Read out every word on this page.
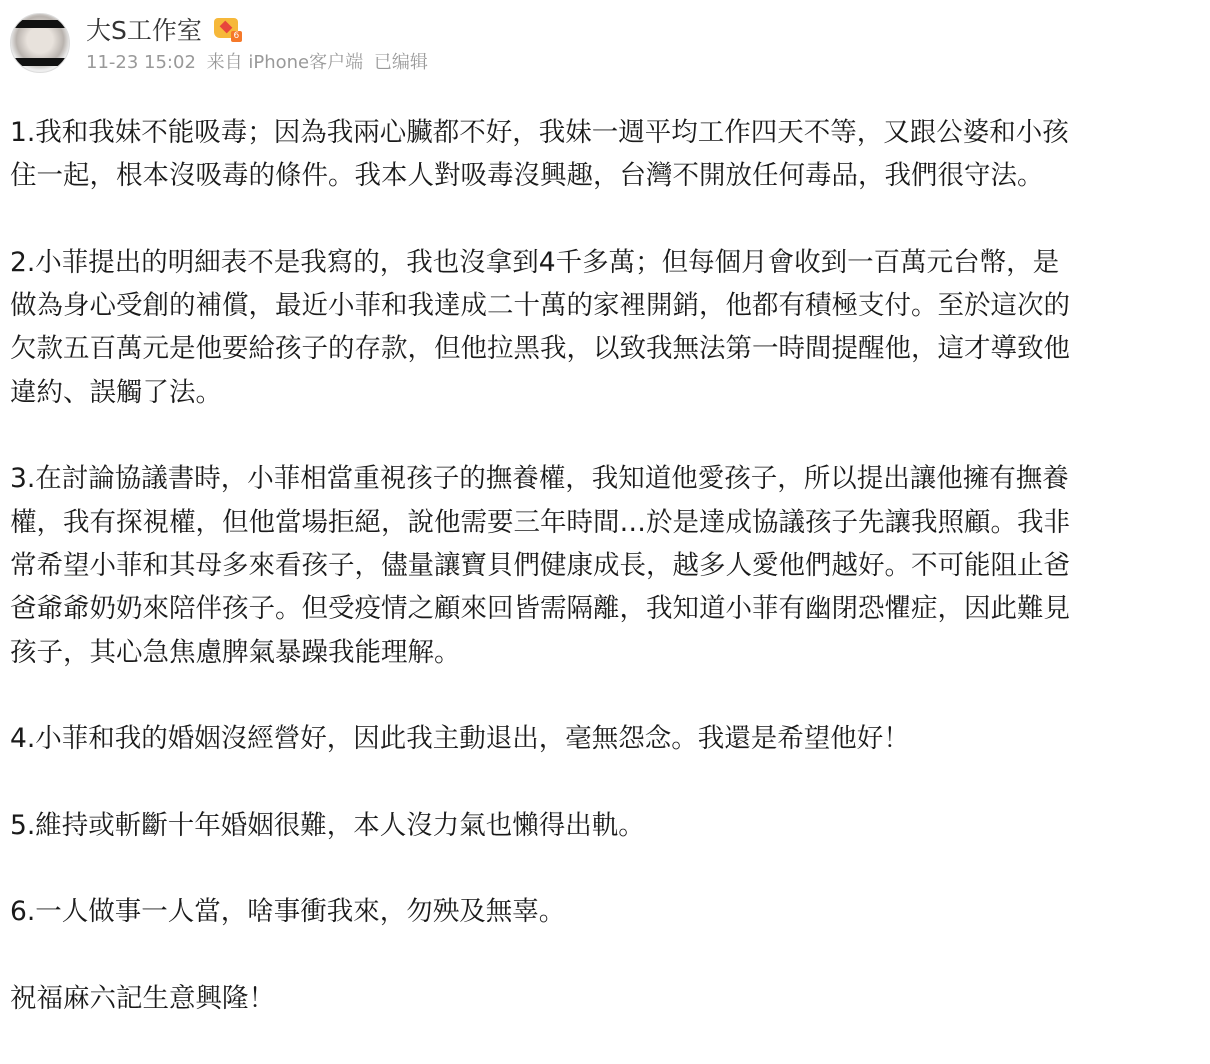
大S工作室	6
11-23 15:02 来自 iPhone客户端 已编辑
1.我和我妹不能吸毒；因為我兩心臟都不好，我妹一週平均工作四天不等，又跟公婆和小孩
住一起，根本沒吸毒的條件。我本人對吸毒沒興趣，台灣不開放任何毒品，我們很守法。
2.小菲提出的明細表不是我寫的，我也沒拿到4千多萬；但每個月會收到一百萬元台幣，是
做為身心受創的補償，最近小菲和我達成二十萬的家裡開銷，他都有積極支付。至於這次的
欠款五百萬元是他要給孩子的存款，但他拉黑我，以致我無法第一時間提醒他，這才導致他
違約、誤觸了法。
3.在討論協議書時，小菲相當重視孩子的撫養權，我知道他愛孩子，所以提出讓他擁有撫養
權，我有探視權，但他當場拒絕，說他需要三年時間…於是達成協議孩子先讓我照顧。我非
常希望小菲和其母多來看孩子，儘量讓寶貝們健康成長，越多人愛他們越好。不可能阻止爸
爸爺爺奶奶來陪伴孩子。但受疫情之顧來回皆需隔離，我知道小菲有幽閉恐懼症，因此難見
孩子，其心急焦慮脾氣暴躁我能理解。
4.小菲和我的婚姻沒經營好，因此我主動退出，毫無怨念。我還是希望他好！
5.維持或斬斷十年婚姻很難，本人沒力氣也懶得出軌。
6.一人做事一人當，啥事衝我來，勿殃及無辜。
祝福麻六記生意興隆！
